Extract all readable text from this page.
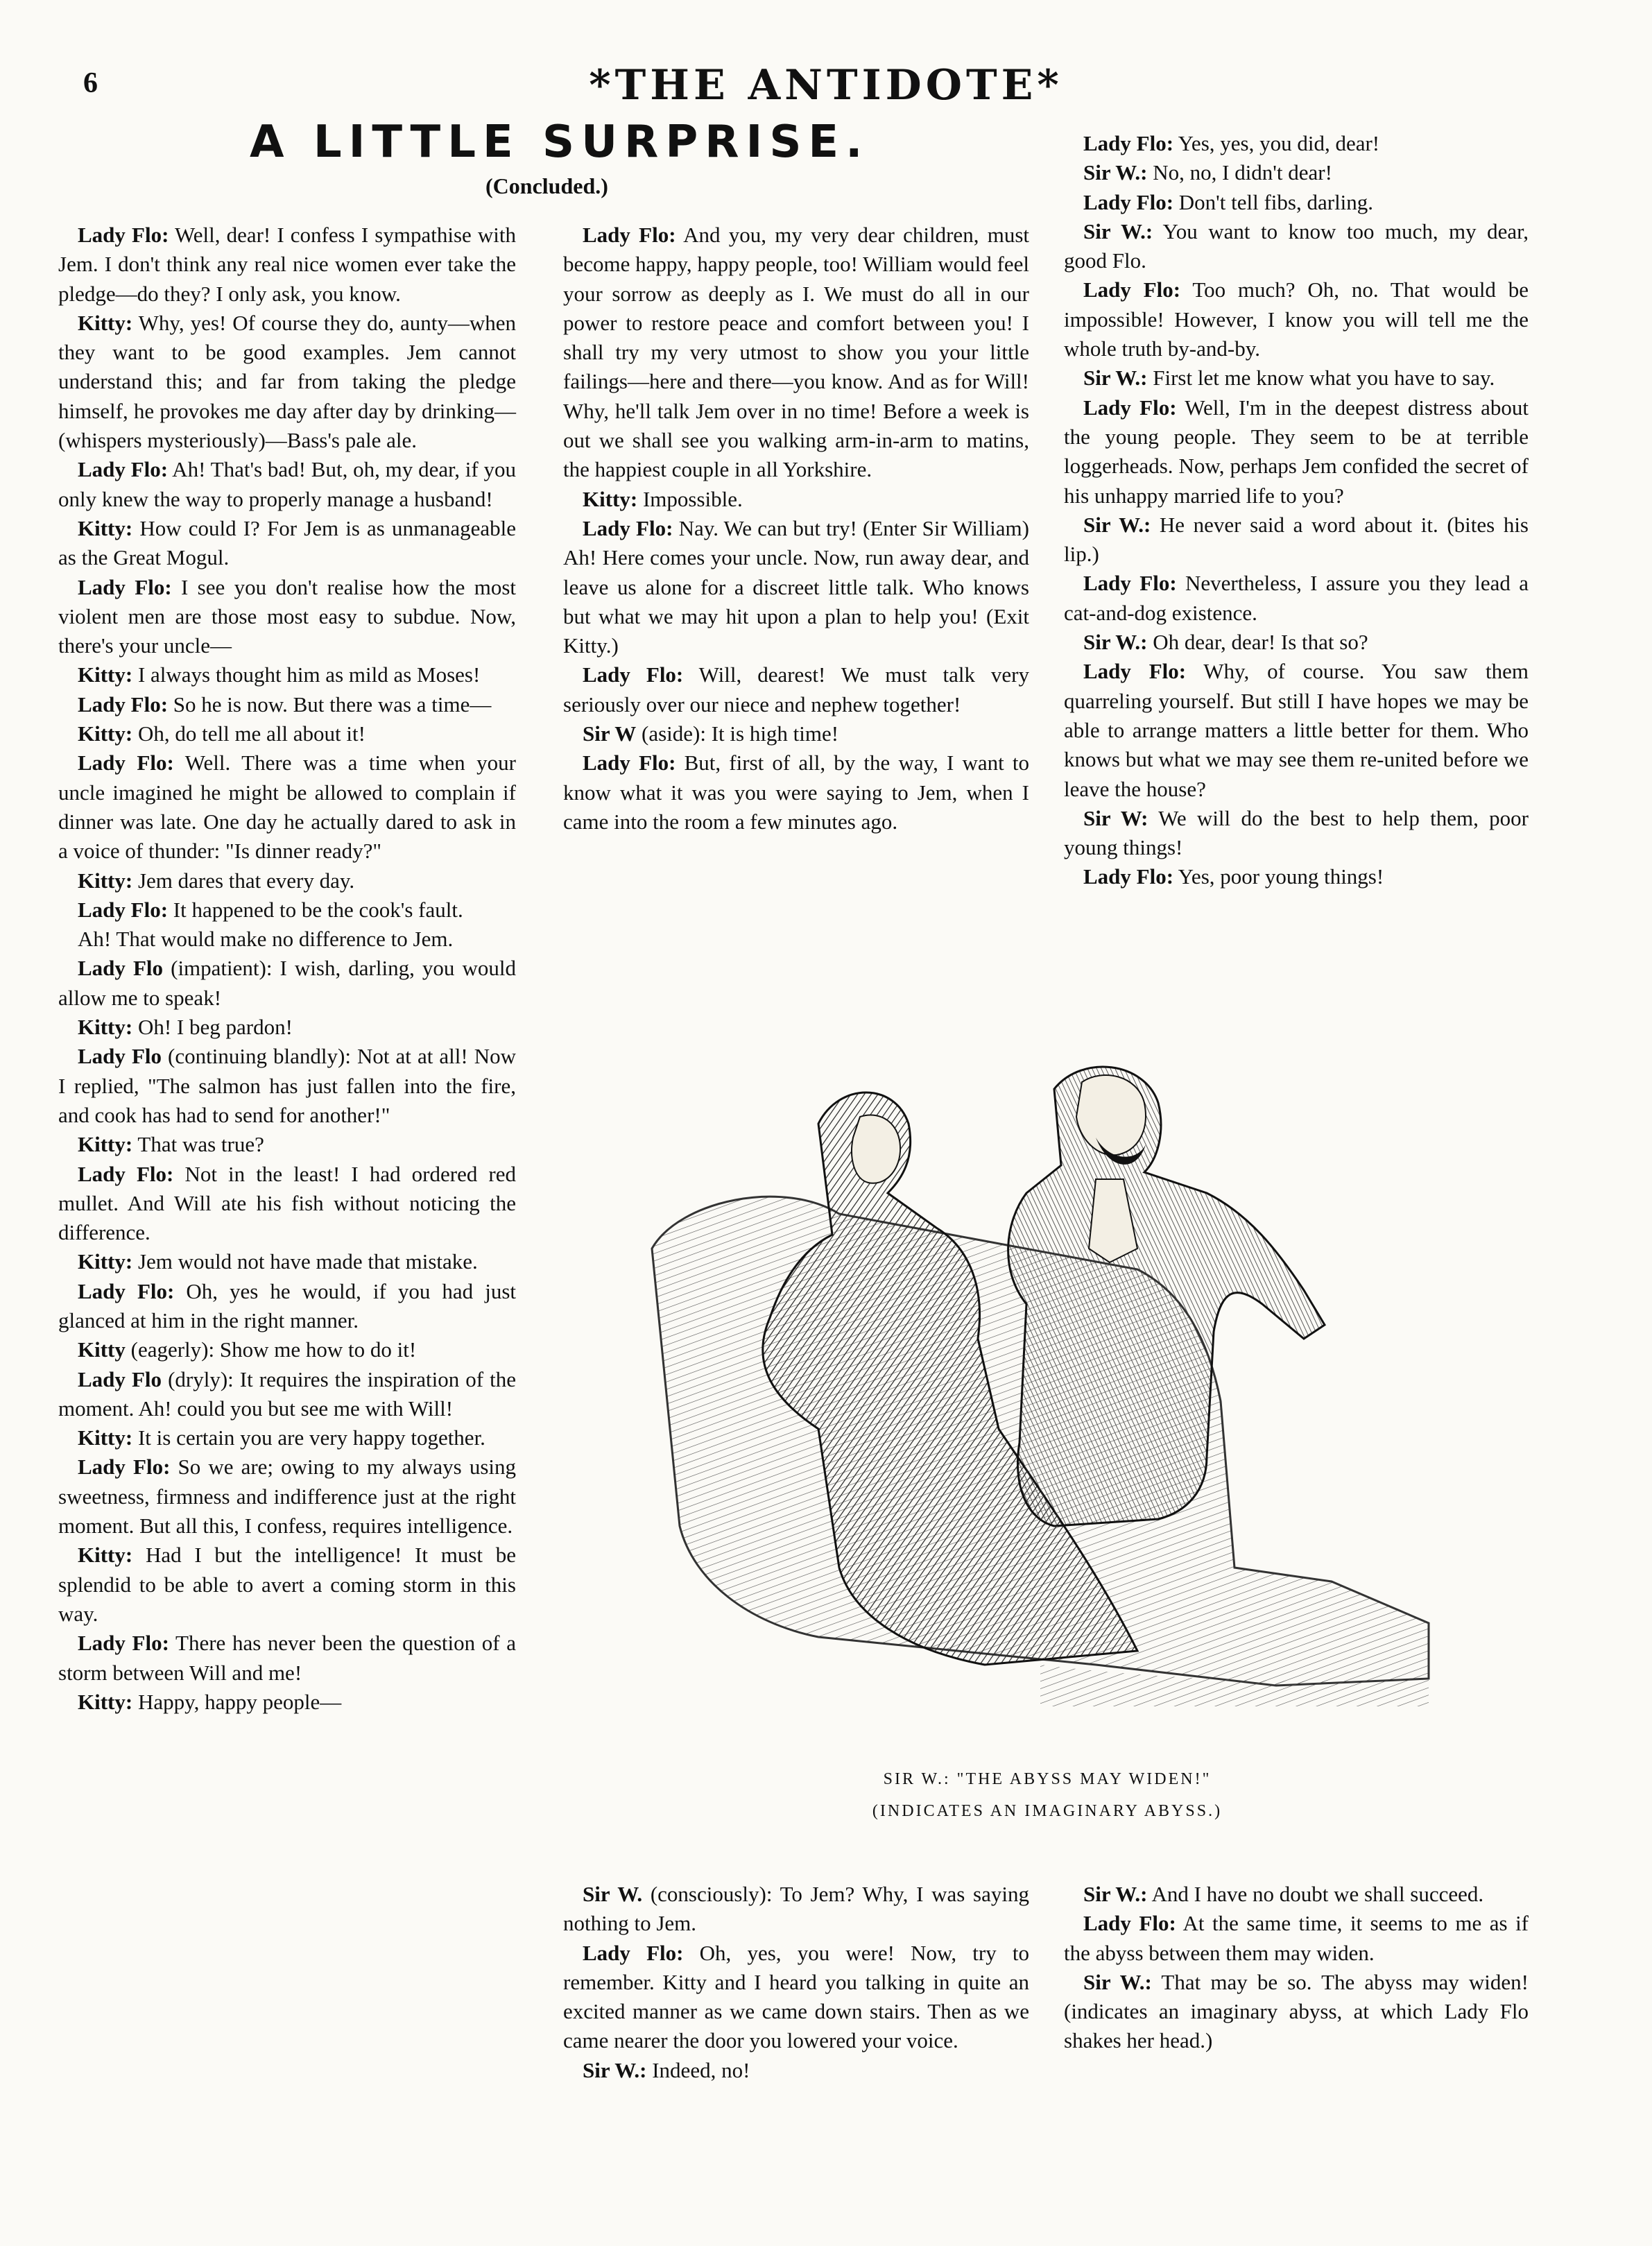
6	*THE ANTIDOTE*
A LITTLE SURPRISE.
(Concluded.)

Lady Flo: Well, dear! I confess I sympathise with Jem. I don't think any real nice women ever take the pledge—do they? I only ask, you know.

Kitty: Why, yes! Of course they do, aunty—when they want to be good examples. Jem cannot understand this; and far from taking the pledge himself, he provokes me day after day by drinking—(whispers mysteriously)—Bass's pale ale.

Lady Flo: Ah! That's bad! But, oh, my dear, if you only knew the way to properly manage a husband!

Kitty: How could I? For Jem is as unmanageable as the Great Mogul.

Lady Flo: I see you don't realise how the most violent men are those most easy to subdue. Now, there's your uncle—

Kitty: I always thought him as mild as Moses!

Lady Flo: So he is now. But there was a time—

Kitty: Oh, do tell me all about it!

Lady Flo: Well. There was a time when your uncle imagined he might be allowed to complain if dinner was late. One day he actually dared to ask in a voice of thunder: "Is dinner ready?"

Kitty: Jem dares that every day.

Lady Flo: It happened to be the cook's fault.

Ah! That would make no difference to Jem.

Lady Flo (impatient): I wish, darling, you would allow me to speak!

Kitty: Oh! I beg pardon!

Lady Flo (continuing blandly): Not at at all! Now I replied, "The salmon has just fallen into the fire, and cook has had to send for another!"

Kitty: That was true?

Lady Flo: Not in the least! I had ordered red mullet. And Will ate his fish without noticing the difference.

Kitty: Jem would not have made that mistake.

Lady Flo: Oh, yes he would, if you had just glanced at him in the right manner.

Kitty (eagerly): Show me how to do it!

Lady Flo (dryly): It requires the inspiration of the moment. Ah! could you but see me with Will!

Kitty: It is certain you are very happy together.

Lady Flo: So we are; owing to my always using sweetness, firmness and indifference just at the right moment. But all this, I confess, requires intelligence.

Kitty: Had I but the intelligence! It must be splendid to be able to avert a coming storm in this way.

Lady Flo: There has never been the question of a storm between Will and me!

Kitty: Happy, happy people—

Lady Flo: And you, my very dear children, must become happy, happy people, too! William would feel your sorrow as deeply as I. We must do all in our power to restore peace and comfort between you! I shall try my very utmost to show you your little failings—here and there—you know. And as for Will! Why, he'll talk Jem over in no time! Before a week is out we shall see you walking arm-in-arm to matins, the happiest couple in all Yorkshire.

Kitty: Impossible.

Lady Flo: Nay. We can but try! (Enter Sir William) Ah! Here comes your uncle. Now, run away dear, and leave us alone for a discreet little talk. Who knows but what we may hit upon a plan to help you! (Exit Kitty.)

Lady Flo: Will, dearest! We must talk very seriously over our niece and nephew together!

Sir W (aside): It is high time!

Lady Flo: But, first of all, by the way, I want to know what it was you were saying to Jem, when I came into the room a few minutes ago.

Lady Flo: Yes, yes, you did, dear!

Sir W.: No, no, I didn't dear!

Lady Flo: Don't tell fibs, darling.

Sir W.: You want to know too much, my dear, good Flo.

Lady Flo: Too much? Oh, no. That would be impossible! However, I know you will tell me the whole truth by-and-by.

Sir W.: First let me know what you have to say.

Lady Flo: Well, I'm in the deepest distress about the young people. They seem to be at terrible loggerheads. Now, perhaps Jem confided the secret of his unhappy married life to you?

Sir W.: He never said a word about it. (bites his lip.)

Lady Flo: Nevertheless, I assure you they lead a cat-and-dog existence.

Sir W.: Oh dear, dear! Is that so?

Lady Flo: Why, of course. You saw them quarreling yourself. But still I have hopes we may be able to arrange matters a little better for them. Who knows but what we may see them re-united before we leave the house?

Sir W: We will do the best to help them, poor young things!

Lady Flo: Yes, poor young things!

Sir W. (consciously): To Jem? Why, I was saying nothing to Jem.

Lady Flo: Oh, yes, you were! Now, try to remember. Kitty and I heard you talking in quite an excited manner as we came down stairs. Then as we came nearer the door you lowered your voice.

Sir W.: Indeed, no!

Sir W.: And I have no doubt we shall succeed.

Lady Flo: At the same time, it seems to me as if the abyss between them may widen.

Sir W.: That may be so. The abyss may widen! (indicates an imaginary abyss, at which Lady Flo shakes her head.)

SIR W.: "THE ABYSS MAY WIDEN!"
(INDICATES AN IMAGINARY ABYSS.)
